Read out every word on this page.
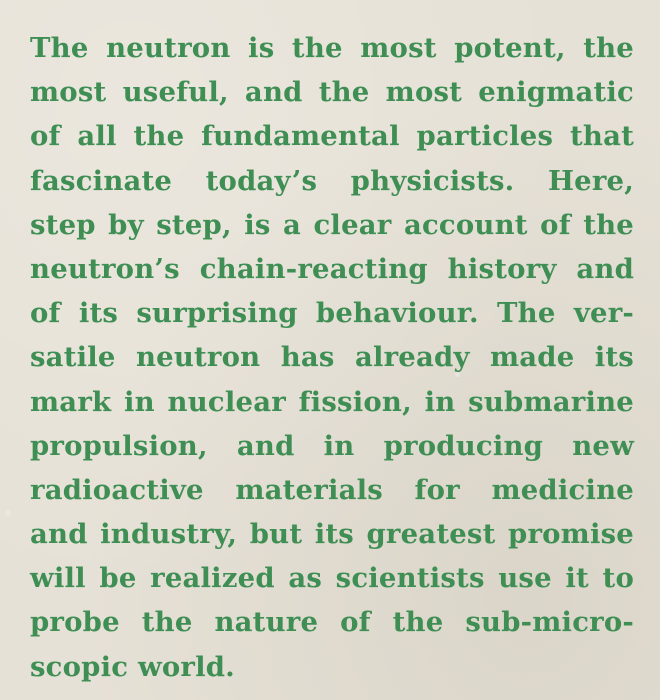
The neutron is the most potent, the
most useful, and the most enigmatic
of all the fundamental particles that
fascinate today’s physicists. Here,
step by step, is a clear account of the
neutron’s chain-reacting history and
of its surprising behaviour. The ver-
satile neutron has already made its
mark in nuclear fission, in submarine
propulsion, and in producing new
radioactive materials for medicine
and industry, but its greatest promise
will be realized as scientists use it to
probe the nature of the sub-micro-
scopic world.
